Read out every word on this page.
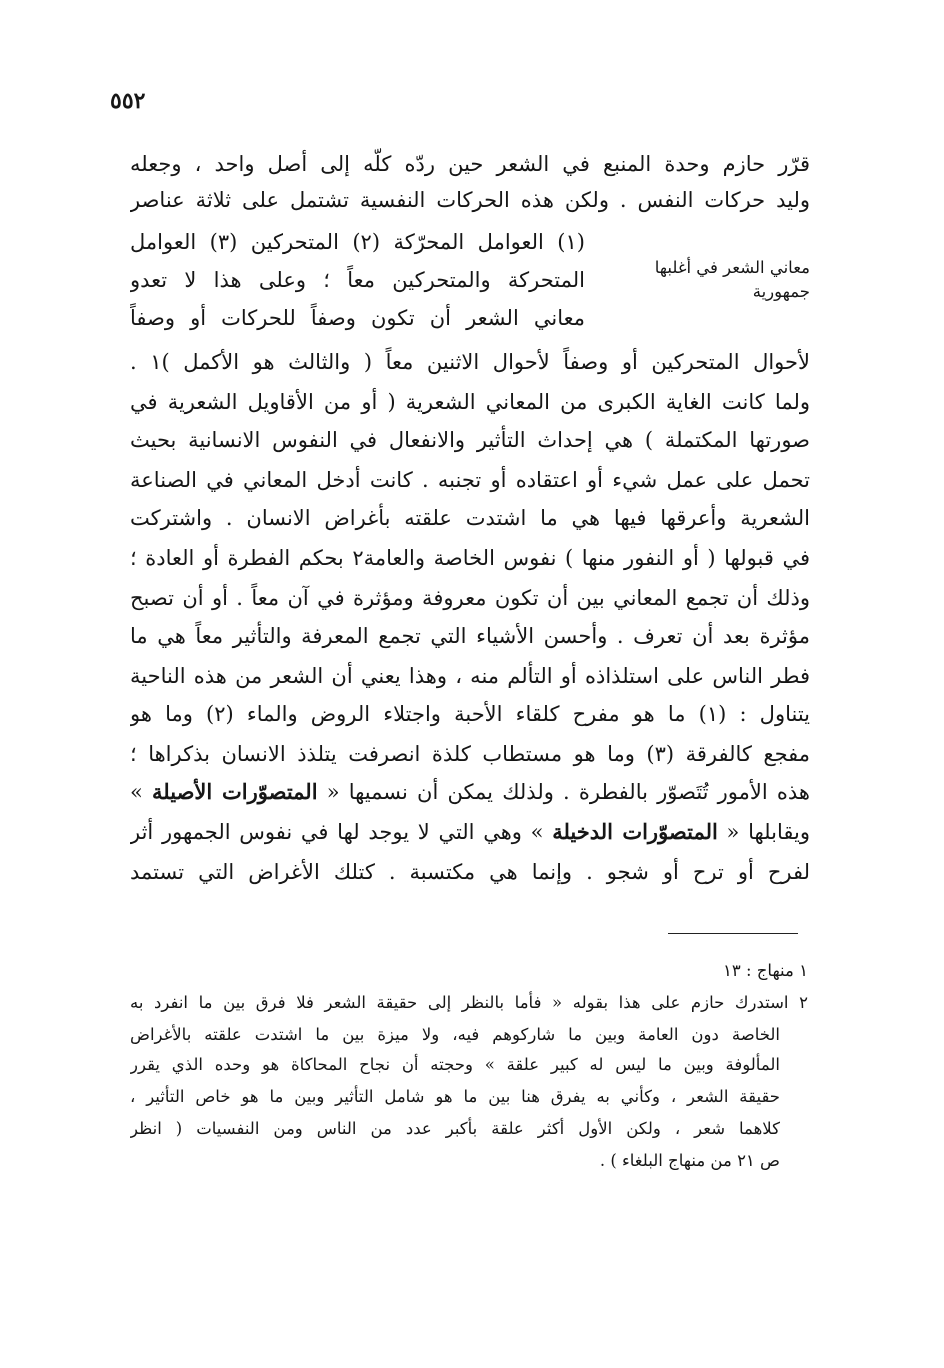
٥٥٢
قرّر حازم وحدة المنبع في الشعر حين ردّه كلّه إلى أصل واحد ، وجعله
وليد حركات النفس . ولكن هذه الحركات النفسية تشتمل على ثلاثة عناصر
(١) العوامل المحرّكة (٢) المتحركين (٣) العوامل
المتحركة والمتحركين معاً ؛ وعلى هذا لا تعدو
معاني الشعر أن تكون وصفاً للحركات أو وصفاً
معاني الشعر في أغلبها
جمهورية
لأحوال المتحركين أو وصفاً لأحوال الاثنين معاً ( والثالث هو الأكمل )١ .
ولما كانت الغاية الكبرى من المعاني الشعرية ( أو من الأقاويل الشعرية في
صورتها المكتملة ) هي إحداث التأثير والانفعال في النفوس الانسانية بحيث
تحمل على عمل شيء أو اعتقاده أو تجنبه . كانت أدخل المعاني في الصناعة
الشعرية وأعرقها فيها هي ما اشتدت علقته بأغراض الانسان . واشتركت
في قبولها ( أو النفور منها ) نفوس الخاصة والعامة٢ بحكم الفطرة أو العادة ؛
وذلك أن تجمع المعاني بين أن تكون معروفة ومؤثرة في آن معاً . أو أن تصبح
مؤثرة بعد أن تعرف . وأحسن الأشياء التي تجمع المعرفة والتأثير معاً هي ما
فطر الناس على استلذاذه أو التألم منه ، وهذا يعني أن الشعر من هذه الناحية
يتناول : (١) ما هو مفرح كلقاء الأحبة واجتلاء الروض والماء (٢) وما هو
مفجع كالفرقة (٣) وما هو مستطاب كلذة انصرفت يتلذذ الانسان بذكراها ؛
هذه الأمور تُتَصوّر بالفطرة . ولذلك يمكن أن نسميها « المتصوّرات الأصيلة »
ويقابلها « المتصوّرات الدخيلة » وهي التي لا يوجد لها في نفوس الجمهور أثر
لفرح أو ترح أو شجو . وإنما هي مكتسبة . كتلك الأغراض التي تستمد
١ منهاج : ١٣
٢ استدرك حازم على هذا بقوله « فأما بالنظر إلى حقيقة الشعر فلا فرق بين ما انفرد به
الخاصة دون العامة وبين ما شاركوهم فيه، ولا ميزة بين ما اشتدت علقته بالأغراض
المألوفة وبين ما ليس له كبير علقة » وحجته أن نجاح المحاكاة هو وحده الذي يقرر
حقيقة الشعر ، وكأني به يفرق هنا بين ما هو شامل التأثير وبين ما هو خاص التأثير ،
كلاهما شعر ، ولكن الأول أكثر علقة بأكبر عدد من الناس ومن النفسيات ( انظر
ص ٢١ من منهاج البلغاء ) .
